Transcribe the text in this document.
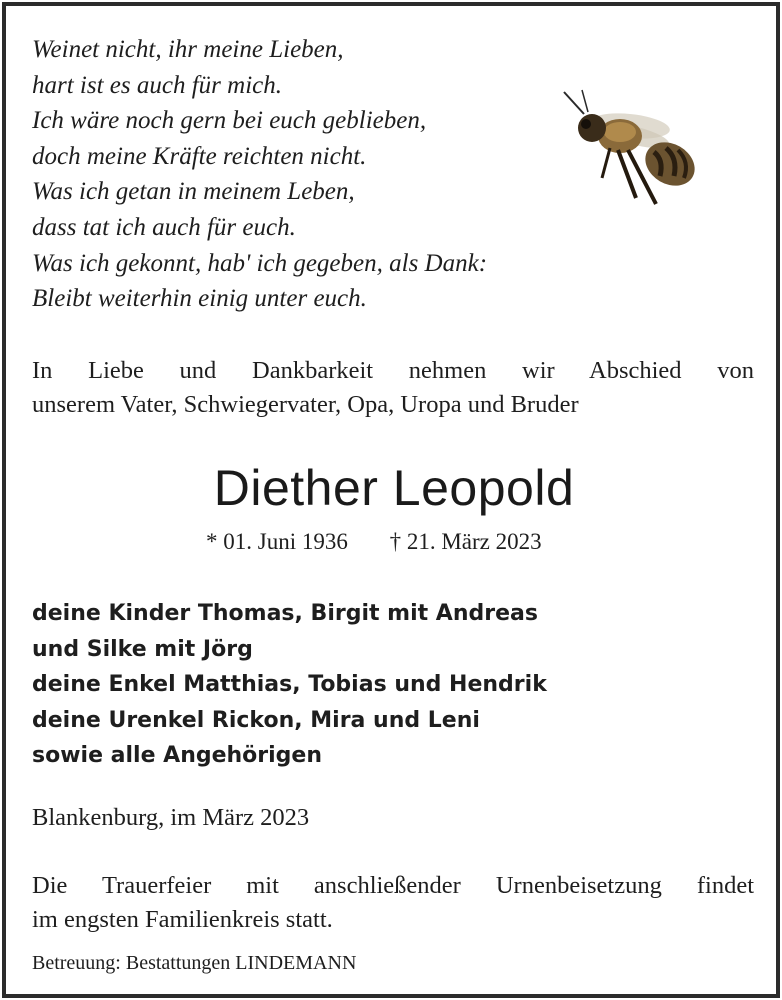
Weinet nicht, ihr meine Lieben,
hart ist es auch für mich.
Ich wäre noch gern bei euch geblieben,
doch meine Kräfte reichten nicht.
Was ich getan in meinem Leben,
dass tat ich auch für euch.
Was ich gekonnt, hab' ich gegeben, als Dank:
Bleibt weiterhin einig unter euch.
In Liebe und Dankbarkeit nehmen wir Abschied von
unserem Vater, Schwiegervater, Opa, Uropa und Bruder
Diether Leopold
* 01. Juni 1936 † 21. März 2023
deine Kinder Thomas, Birgit mit Andreas
und Silke mit Jörg
deine Enkel Matthias, Tobias und Hendrik
deine Urenkel Rickon, Mira und Leni
sowie alle Angehörigen
Blankenburg, im März 2023
Die Trauerfeier mit anschließender Urnenbeisetzung findet
im engsten Familienkreis statt.
Betreuung: Bestattungen LINDEMANN
